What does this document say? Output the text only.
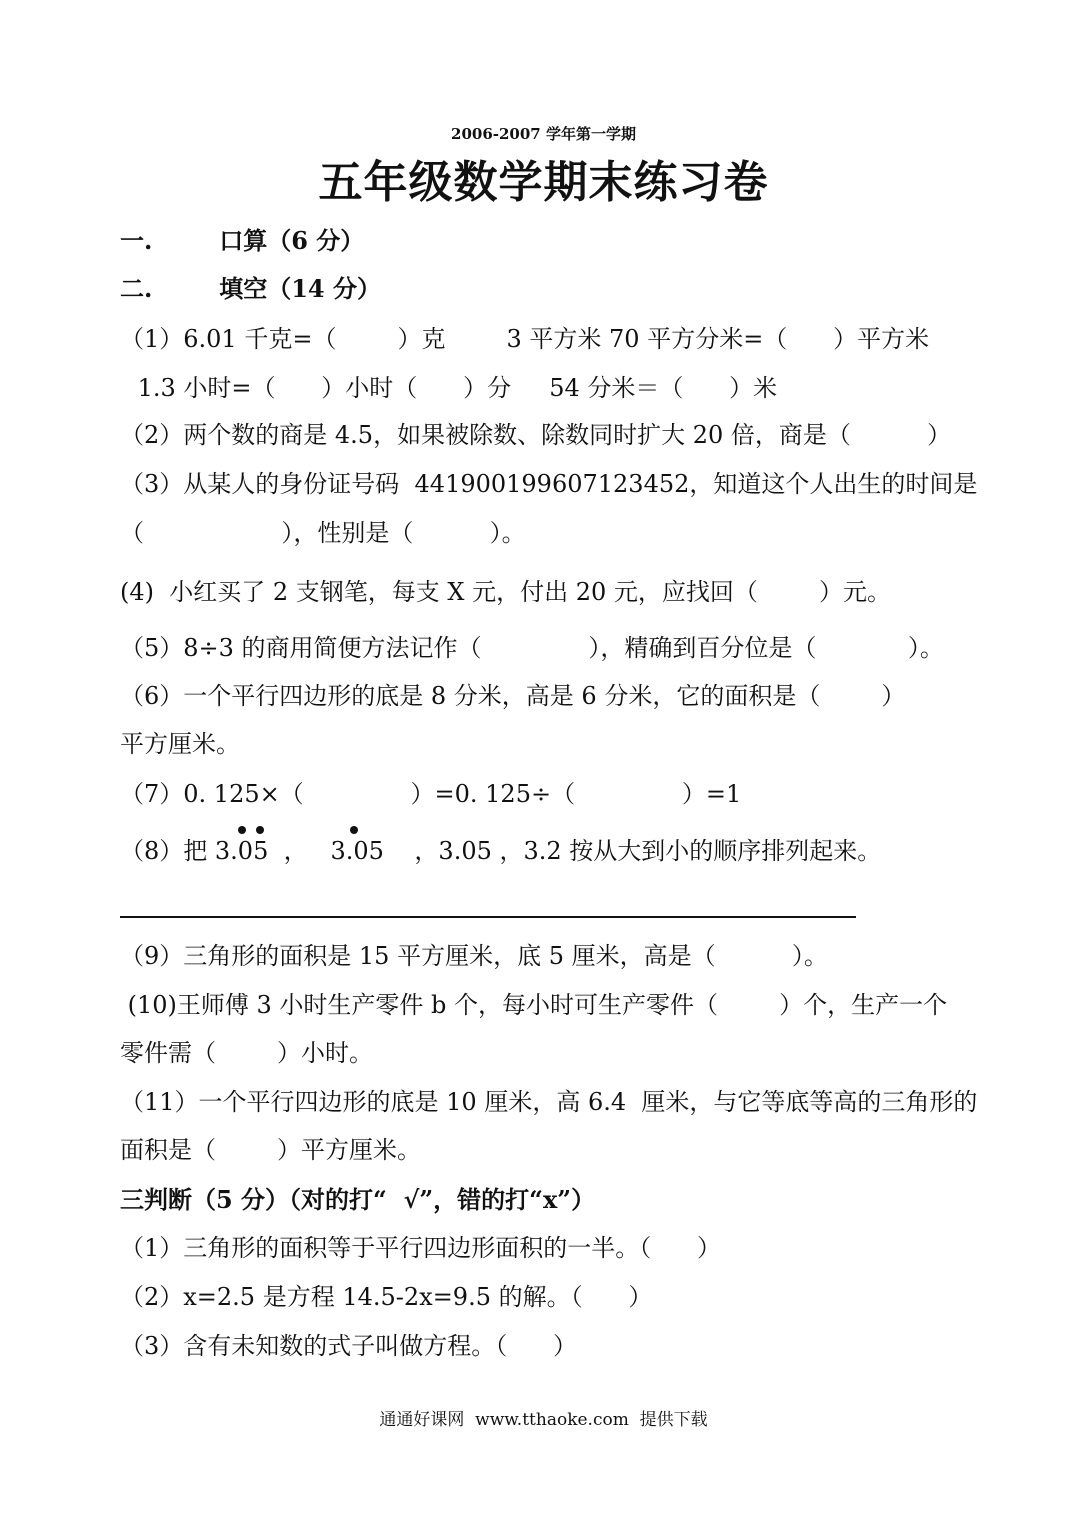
2006-2007 学年第一学期
五年级数学期末练习卷
一.        口算（6 分）
二.        填空（14 分）
（1）6.01 千克=（        ）克        3 平方米 70 平方分米=（      ）平方米
1.3 小时=（      ）小时（      ）分     54 分米＝（      ）米
（2）两个数的商是 4.5，如果被除数、除数同时扩大 20 倍，商是（          ）
（3）从某人的身份证号码  441900199607123452，知道这个人出生的时间是
（                  ），性别是（          ）。
(4)  小红买了 2 支钢笔，每支 X 元，付出 20 元，应找回（        ）元。
（5）8÷3 的商用简便方法记作（              ），精确到百分位是（            ）。
（6）一个平行四边形的底是 8 分米，高是 6 分米，它的面积是（        ）
平方厘米。
（7）0. 125×（              ）=0. 125÷（              ）=1
（8）把 3.05  ，   3.05    ，3.05 ，3.2 按从大到小的顺序排列起来。
（9）三角形的面积是 15 平方厘米，底 5 厘米，高是（          ）。
(10)王师傅 3 小时生产零件 b 个，每小时可生产零件（        ）个，生产一个
零件需（        ）小时。
（11）一个平行四边形的底是 10 厘米，高 6.4  厘米，与它等底等高的三角形的
面积是（        ）平方厘米。
三判断（5 分）（对的打“  √”，错的打“x”）
（1）三角形的面积等于平行四边形面积的一半。（      ）
（2）x=2.5 是方程 14.5-2x=9.5 的解。（      ）
（3）含有未知数的式子叫做方程。（      ）
通通好课网  www.tthaoke.com  提供下载
